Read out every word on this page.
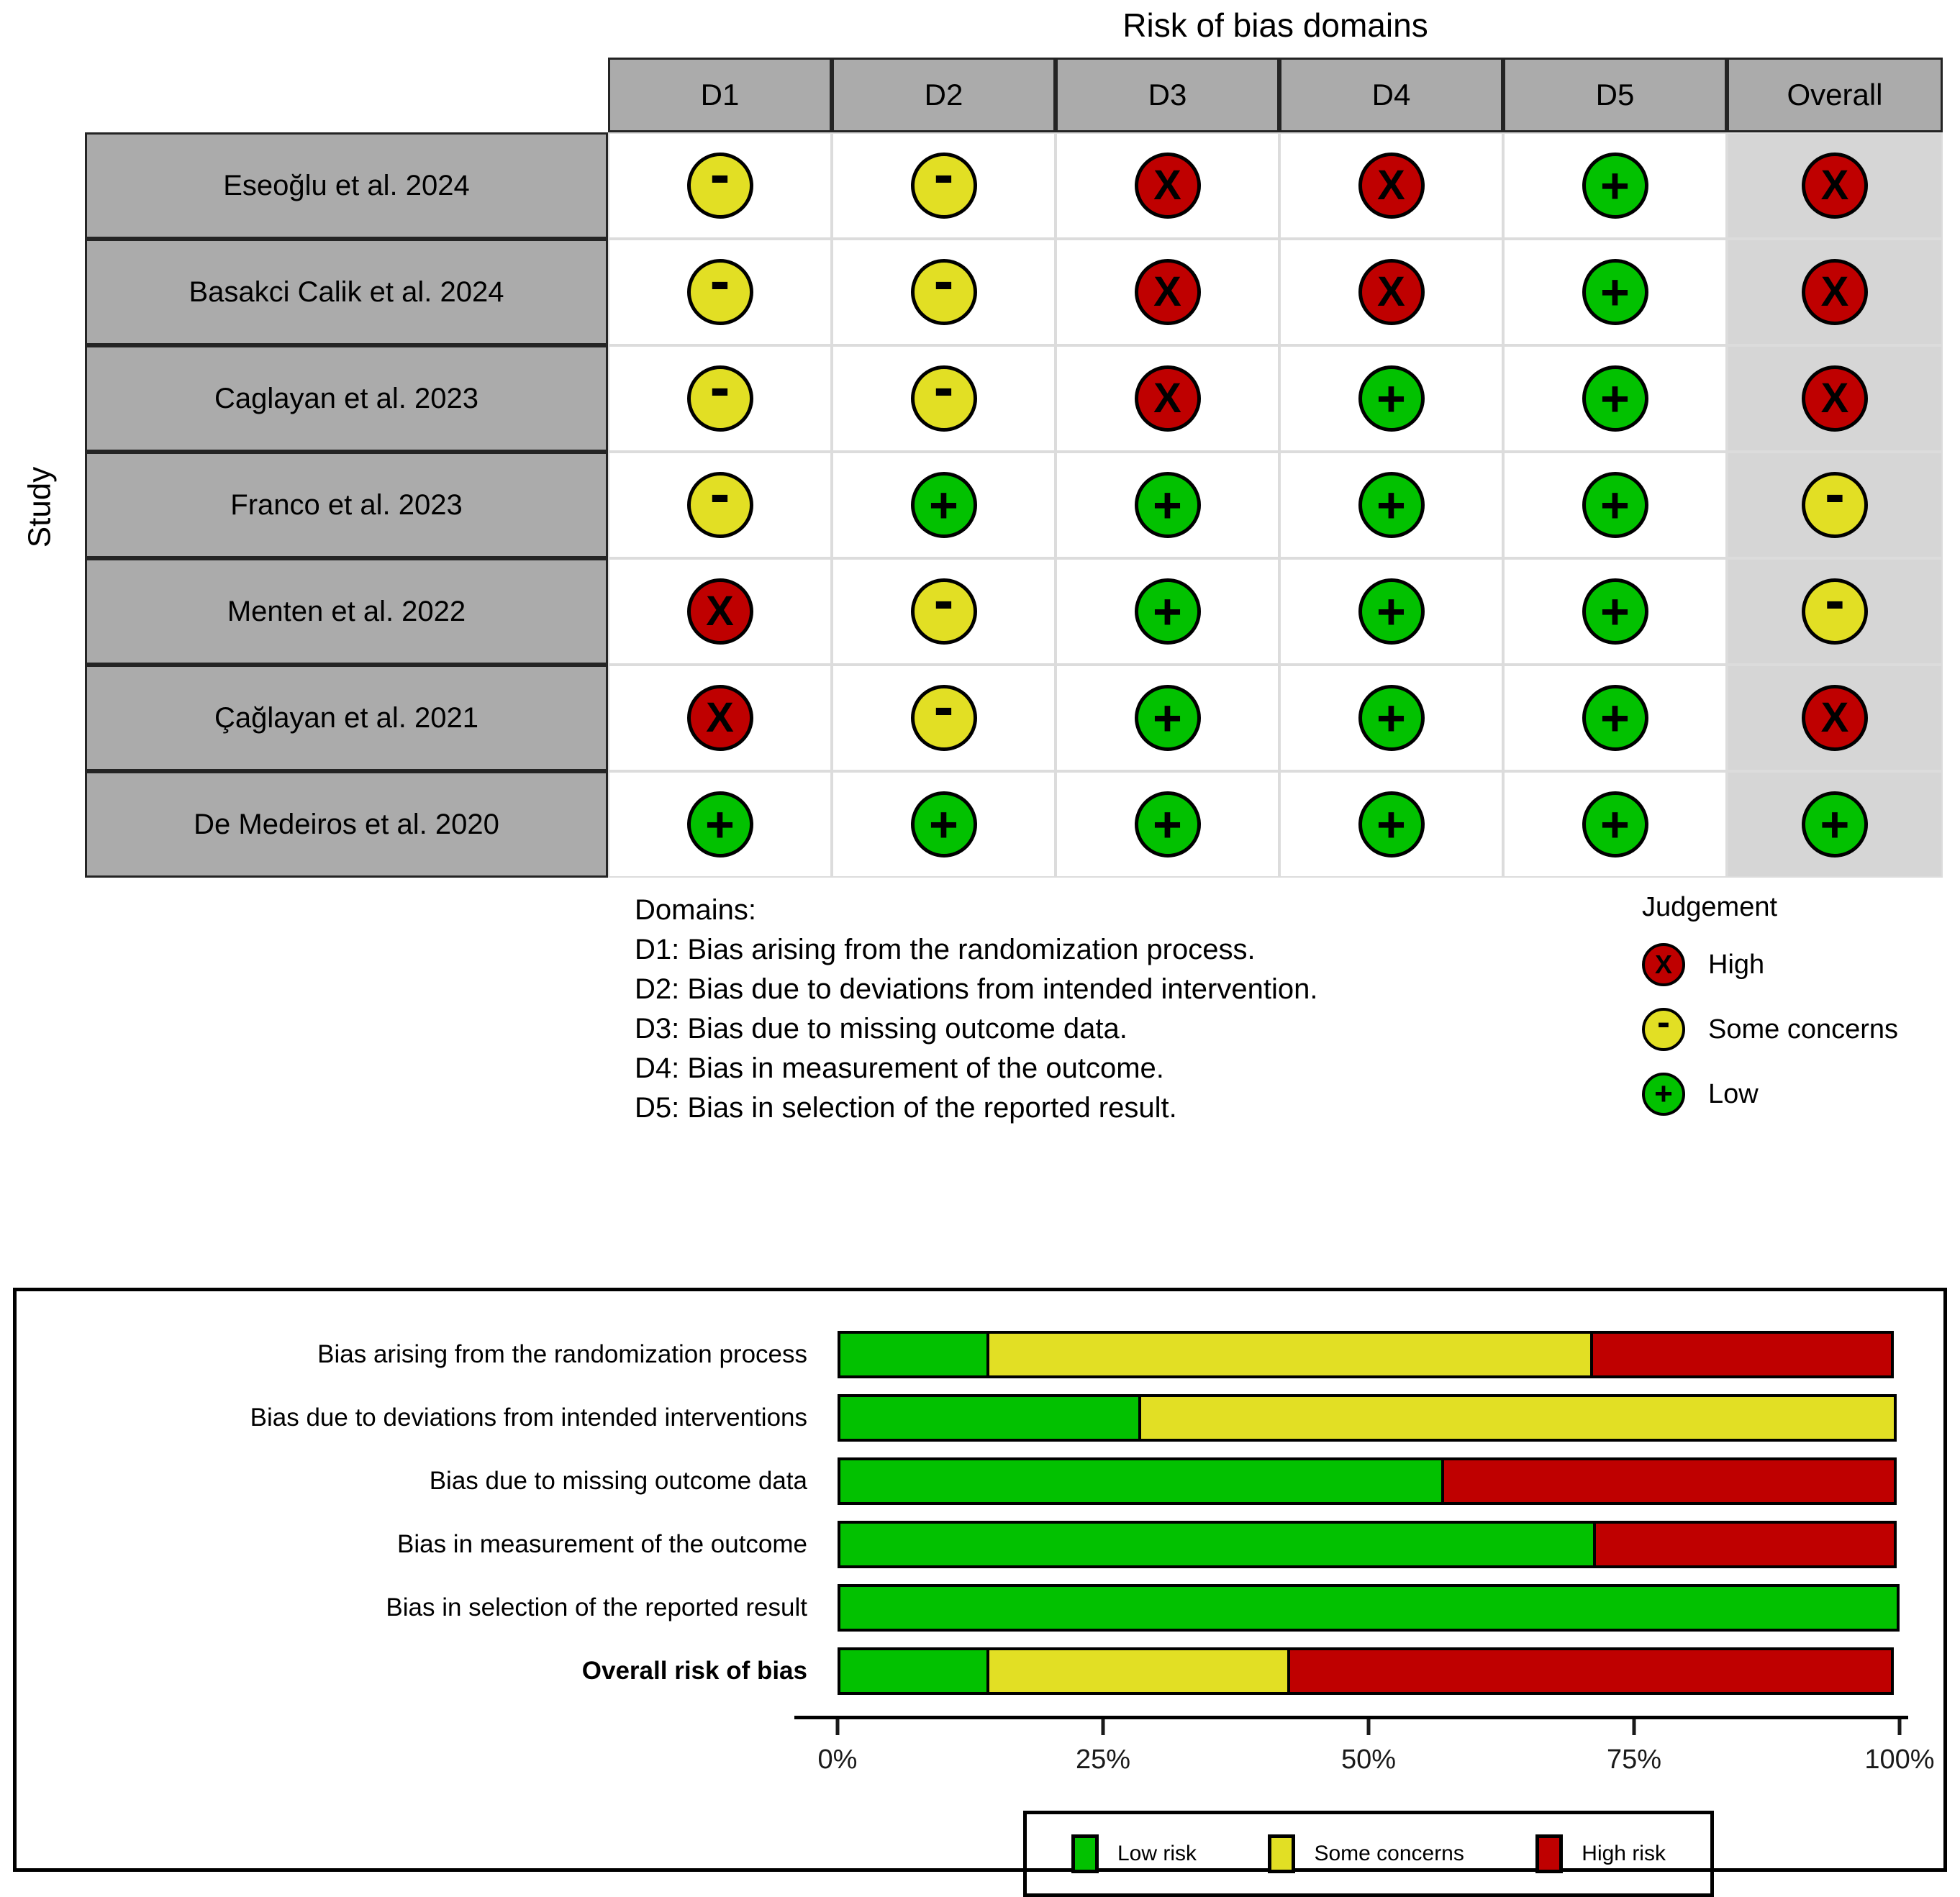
Risk of bias domains
Study
D1	D2	D3	D4	D5	Overall
Eseoğlu et al. 2024	-	-	X	X	+	X
Basakci Calik et al. 2024	-	-	X	X	+	X
Caglayan et al. 2023	-	-	X	+	+	X
Franco et al. 2023	-	+	+	+	+	-
Menten et al. 2022	X	-	+	+	+	-
Çağlayan et al. 2021	X	-	+	+	+	X
De Medeiros et al. 2020	+	+	+	+	+	+
Domains:
D1: Bias arising from the randomization process.
D2: Bias due to deviations from intended intervention.
D3: Bias due to missing outcome data.
D4: Bias in measurement of the outcome.
D5: Bias in selection of the reported result.
Judgement
X	High
- Some concerns
+	Low
Bias arising from the randomization process
Bias due to deviations from intended interventions
Bias due to missing outcome data
Bias in measurement of the outcome
Bias in selection of the reported result
Overall risk of bias
0%	25%	50%	75%	100%
Low risk	Some concerns	High risk
